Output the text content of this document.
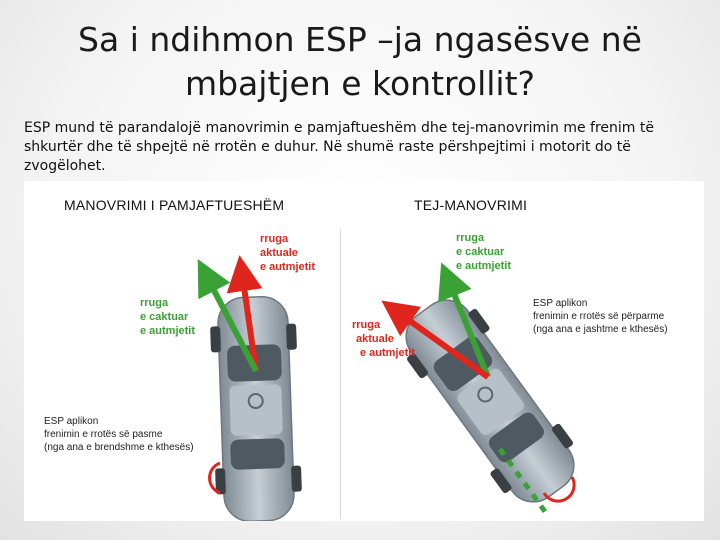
Sa i ndihmon ESP –ja ngasësve në
mbajtjen e kontrollit?
ESP mund të parandalojë manovrimin e pamjaftueshëm dhe tej-manovrimin me frenim të shkurtër dhe të shpejtë në rrotën e duhur. Në shumë raste përshpejtimi i motorit do të zvogëlohet.
MANOVRIMI I PAMJAFTUESHËM	TEJ-MANOVRIMI
rruga
aktuale
e autmjetit
rruga
e caktuar
e autmjetit
ESP aplikon
frenimin e rrotës së pasme
(nga ana e brendshme e kthesës)
rruga
e caktuar
e autmjetit
rruga
aktuale
e autmjetit
ESP aplikon
frenimin e rrotës së përparme
(nga ana e jashtme e kthesës)
